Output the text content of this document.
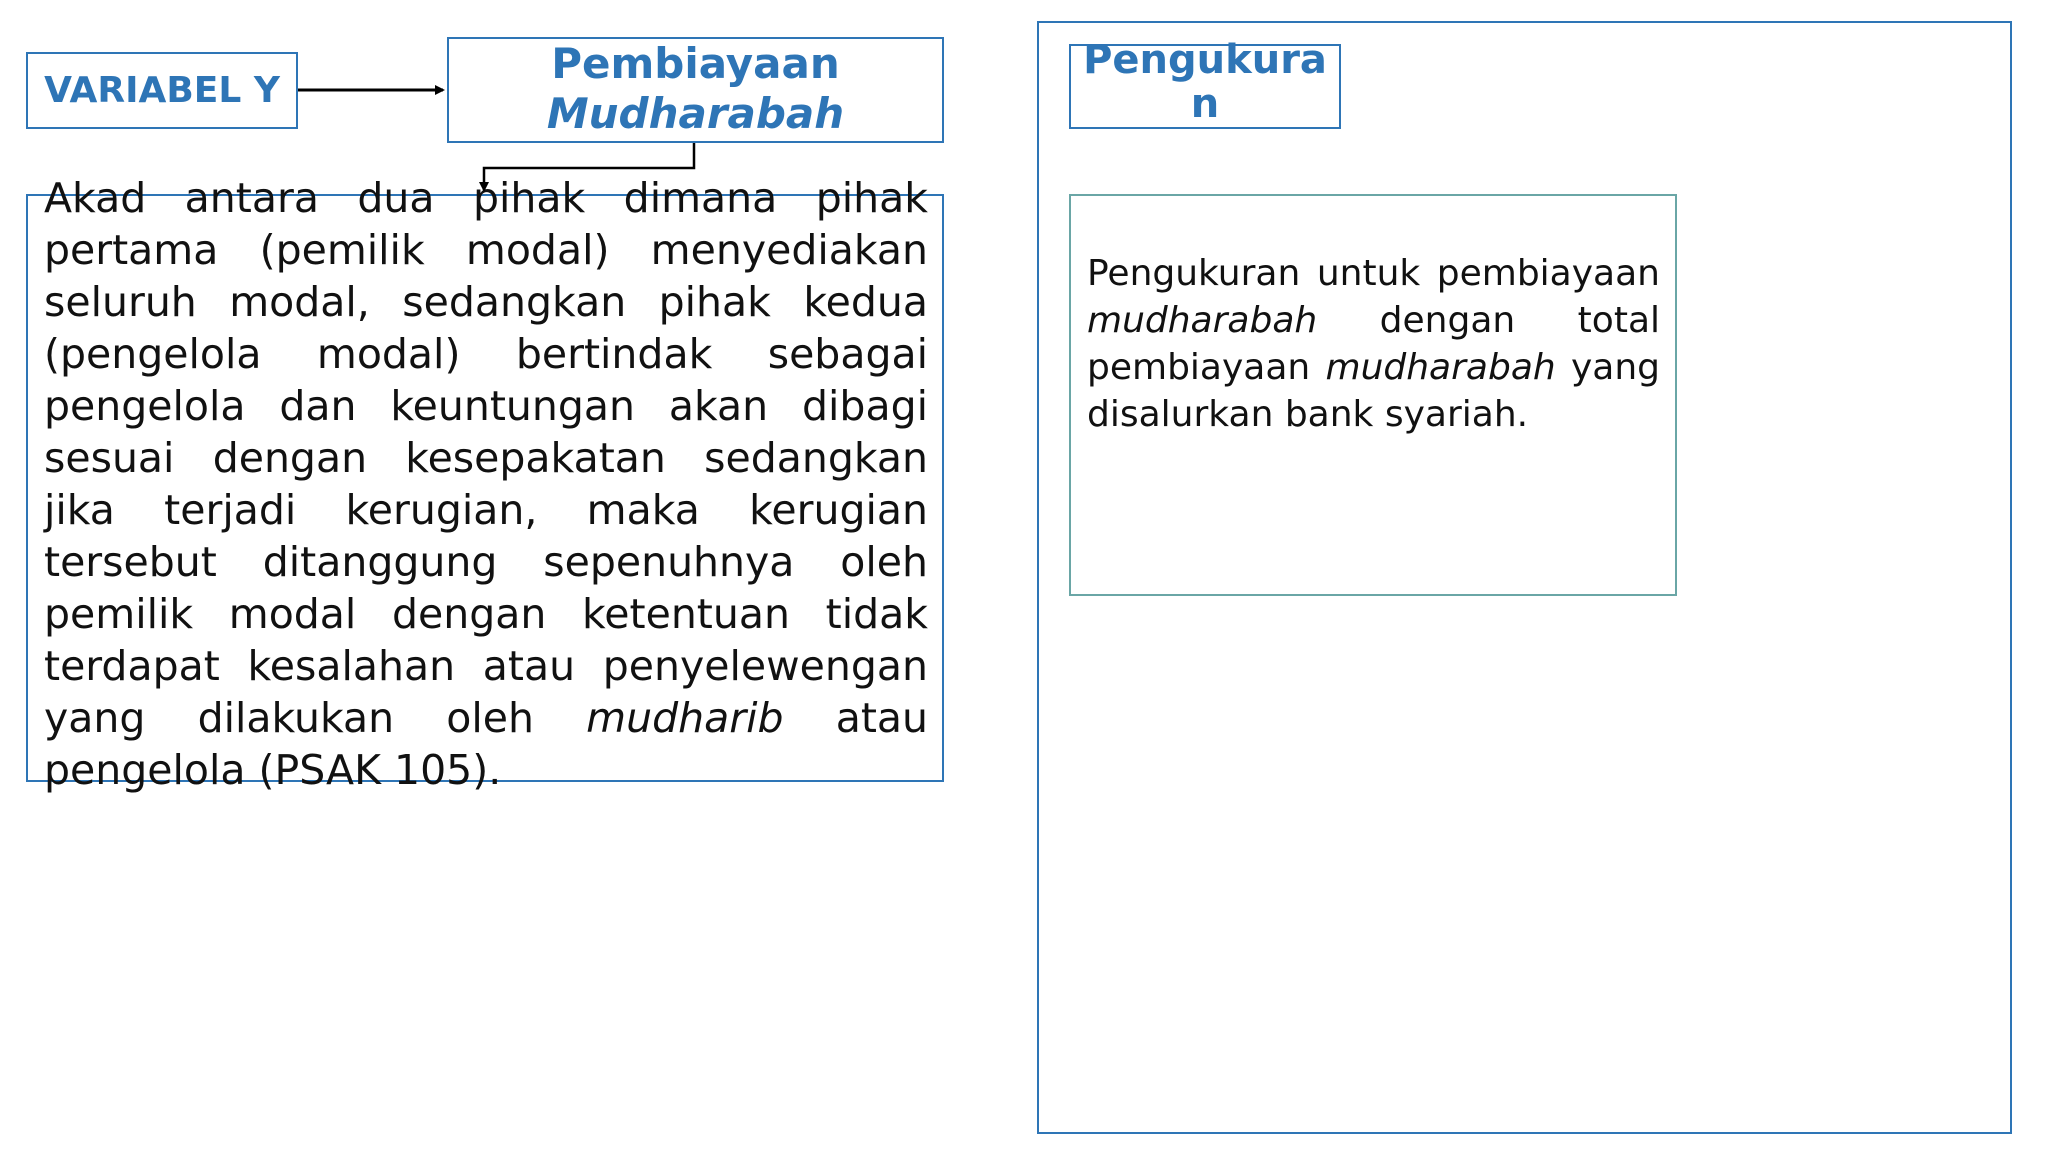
VARIABEL Y
Pembiayaan
Mudharabah
Akad antara dua pihak dimana pihak pertama (pemilik modal) menyediakan seluruh modal, sedangkan pihak kedua (pengelola modal) bertindak sebagai pengelola dan keuntungan akan dibagi sesuai dengan kesepakatan sedangkan jika terjadi kerugian, maka kerugian tersebut ditanggung sepenuhnya oleh pemilik modal dengan ketentuan tidak terdapat kesalahan atau penyelewengan yang dilakukan oleh mudharib atau pengelola (PSAK 105).
Pengukuran
Pengukuran untuk pembiayaan mudharabah dengan total pembiayaan mudharabah yang disalurkan bank syariah.
